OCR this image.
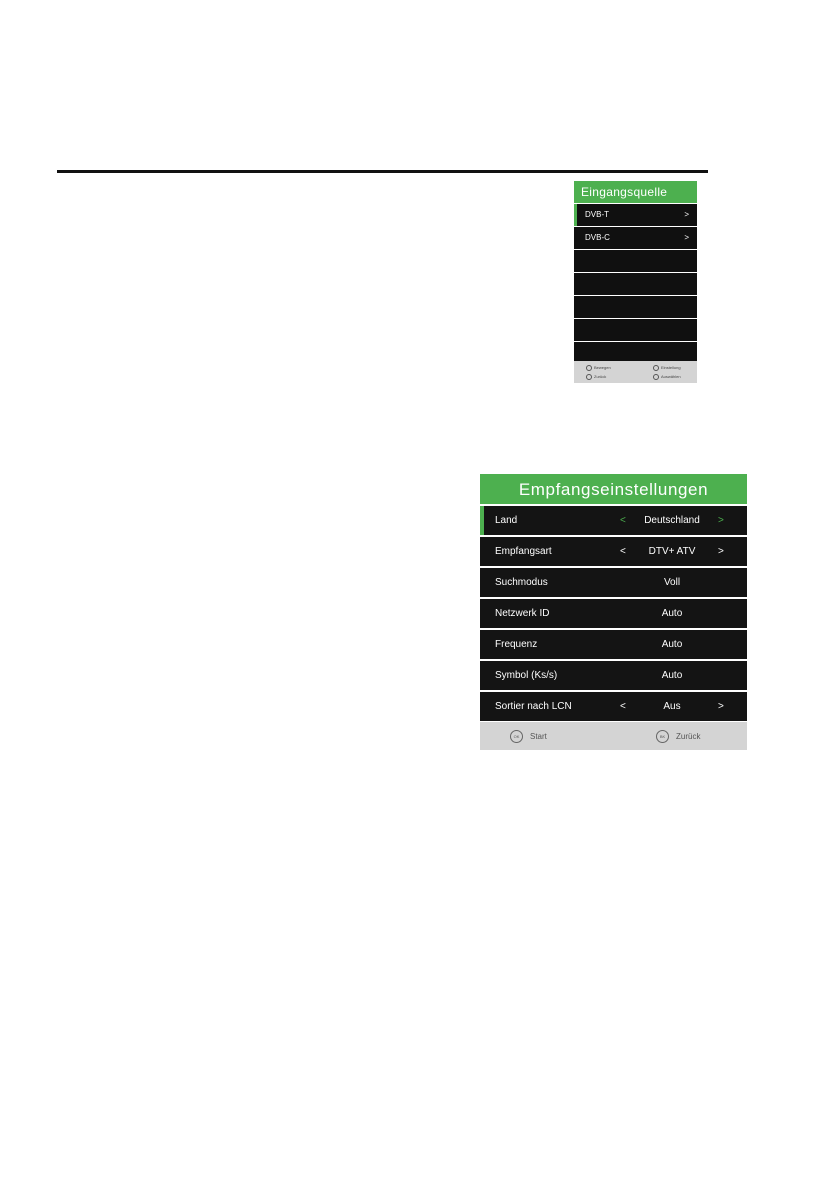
Eingangsquelle
DVB-T	>
DVB-C	>
Bewegen
Zurück
Einstellung
Auswählen
Empfangseinstellungen
Land	<	Deutschland	>
Empfangsart	<	DTV+ ATV	>
Suchmodus	Voll
Netzwerk ID	Auto
Frequenz	Auto
Symbol (Ks/s)	Auto
Sortier nach LCN	<	Aus	>
OK	Start	BK	Zurück
